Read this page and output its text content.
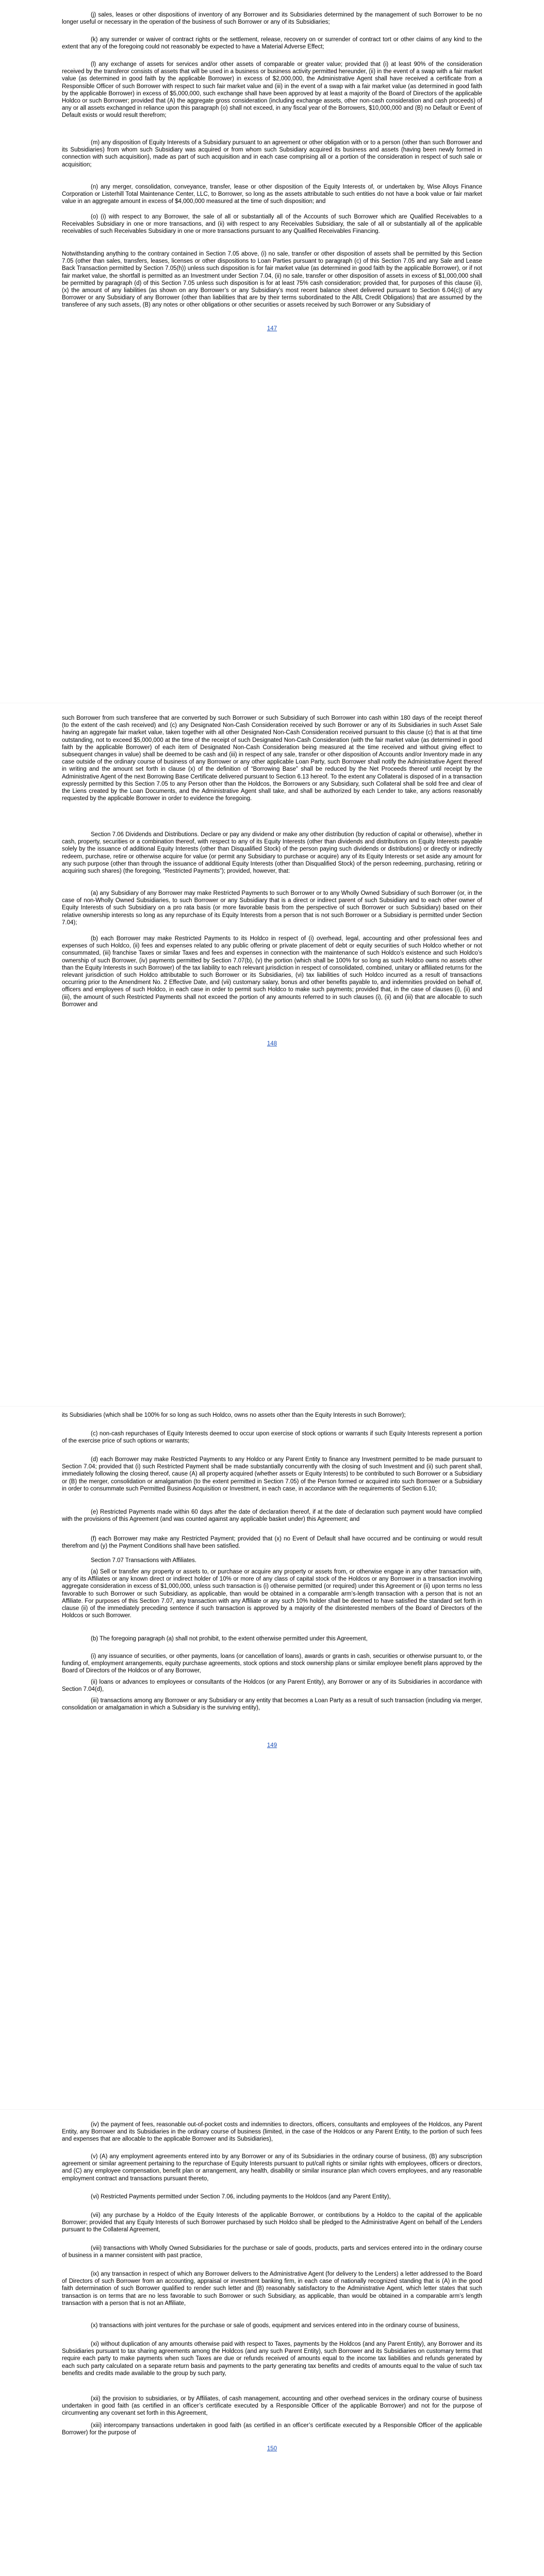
(j) sales, leases or other dispositions of inventory of any Borrower and its Subsidiaries determined by the management of such Borrower to be no longer useful or necessary in the operation of the business of such Borrower or any of its Subsidiaries;

(k) any surrender or waiver of contract rights or the settlement, release, recovery on or surrender of contract tort or other claims of any kind to the extent that any of the foregoing could not reasonably be expected to have a Material Adverse Effect;

(l) any exchange of assets for services and/or other assets of comparable or greater value; provided that (i) at least 90% of the consideration received by the transferor consists of assets that will be used in a business or business activity permitted hereunder, (ii) in the event of a swap with a fair market value (as determined in good faith by the applicable Borrower) in excess of $2,000,000, the Administrative Agent shall have received a certificate from a Responsible Officer of such Borrower with respect to such fair market value and (iii) in the event of a swap with a fair market value (as determined in good faith by the applicable Borrower) in excess of $5,000,000, such exchange shall have been approved by at least a majority of the Board of Directors of the applicable Holdco or such Borrower; provided that (A) the aggregate gross consideration (including exchange assets, other non-cash consideration and cash proceeds) of any or all assets exchanged in reliance upon this paragraph (o) shall not exceed, in any fiscal year of the Borrowers, $10,000,000 and (B) no Default or Event of Default exists or would result therefrom;

(m) any disposition of Equity Interests of a Subsidiary pursuant to an agreement or other obligation with or to a person (other than such Borrower and its Subsidiaries) from whom such Subsidiary was acquired or from whom such Subsidiary acquired its business and assets (having been newly formed in connection with such acquisition), made as part of such acquisition and in each case comprising all or a portion of the consideration in respect of such sale or acquisition;

(n) any merger, consolidation, conveyance, transfer, lease or other disposition of the Equity Interests of, or undertaken by, Wise Alloys Finance Corporation or Listerhill Total Maintenance Center, LLC, to Borrower, so long as the assets attributable to such entities do not have a book value or fair market value in an aggregate amount in excess of $4,000,000 measured at the time of such disposition; and

(o) (i) with respect to any Borrower, the sale of all or substantially all of the Accounts of such Borrower which are Qualified Receivables to a Receivables Subsidiary in one or more transactions, and (ii) with respect to any Receivables Subsidiary, the sale of all or substantially all of the applicable receivables of such Receivables Subsidiary in one or more transactions pursuant to any Qualified Receivables Financing.

Notwithstanding anything to the contrary contained in Section 7.05 above, (i) no sale, transfer or other disposition of assets shall be permitted by this Section 7.05 (other than sales, transfers, leases, licenses or other dispositions to Loan Parties pursuant to paragraph (c) of this Section 7.05 and any Sale and Lease Back Transaction permitted by Section 7.05(h)) unless such disposition is for fair market value (as determined in good faith by the applicable Borrower), or if not fair market value, the shortfall is permitted as an Investment under Section 7.04, (ii) no sale, transfer or other disposition of assets in excess of $1,000,000 shall be permitted by paragraph (d) of this Section 7.05 unless such disposition is for at least 75% cash consideration; provided that, for purposes of this clause (ii), (x) the amount of any liabilities (as shown on any Borrower’s or any Subsidiary’s most recent balance sheet delivered pursuant to Section 6.04(c)) of any Borrower or any Subsidiary of any Borrower (other than liabilities that are by their terms subordinated to the ABL Credit Obligations) that are assumed by the transferee of any such assets, (B) any notes or other obligations or other securities or assets received by such Borrower or any Subsidiary of

147

such Borrower from such transferee that are converted by such Borrower or such Subsidiary of such Borrower into cash within 180 days of the receipt thereof (to the extent of the cash received) and (c) any Designated Non-Cash Consideration received by such Borrower or any of its Subsidiaries in such Asset Sale having an aggregate fair market value, taken together with all other Designated Non-Cash Consideration received pursuant to this clause (c) that is at that time outstanding, not to exceed $5,000,000 at the time of the receipt of such Designated Non-Cash Consideration (with the fair market value (as determined in good faith by the applicable Borrower) of each item of Designated Non-Cash Consideration being measured at the time received and without giving effect to subsequent changes in value) shall be deemed to be cash and (iii) in respect of any sale, transfer or other disposition of Accounts and/or Inventory made in any case outside of the ordinary course of business of any Borrower or any other applicable Loan Party, such Borrower shall notify the Administrative Agent thereof in writing and the amount set forth in clause (x) of the definition of “Borrowing Base” shall be reduced by the Net Proceeds thereof until receipt by the Administrative Agent of the next Borrowing Base Certificate delivered pursuant to Section 6.13 hereof. To the extent any Collateral is disposed of in a transaction expressly permitted by this Section 7.05 to any Person other than the Holdcos, the Borrowers or any Subsidiary, such Collateral shall be sold free and clear of the Liens created by the Loan Documents, and the Administrative Agent shall take, and shall be authorized by each Lender to take, any actions reasonably requested by the applicable Borrower in order to evidence the foregoing.

Section 7.06 Dividends and Distributions. Declare or pay any dividend or make any other distribution (by reduction of capital or otherwise), whether in cash, property, securities or a combination thereof, with respect to any of its Equity Interests (other than dividends and distributions on Equity Interests payable solely by the issuance of additional Equity Interests (other than Disqualified Stock) of the person paying such dividends or distributions) or directly or indirectly redeem, purchase, retire or otherwise acquire for value (or permit any Subsidiary to purchase or acquire) any of its Equity Interests or set aside any amount for any such purpose (other than through the issuance of additional Equity Interests (other than Disqualified Stock) of the person redeeming, purchasing, retiring or acquiring such shares) (the foregoing, “Restricted Payments”); provided, however, that:

(a) any Subsidiary of any Borrower may make Restricted Payments to such Borrower or to any Wholly Owned Subsidiary of such Borrower (or, in the case of non-Wholly Owned Subsidiaries, to such Borrower or any Subsidiary that is a direct or indirect parent of such Subsidiary and to each other owner of Equity Interests of such Subsidiary on a pro rata basis (or more favorable basis from the perspective of such Borrower or such Subsidiary) based on their relative ownership interests so long as any repurchase of its Equity Interests from a person that is not such Borrower or a Subsidiary is permitted under Section 7.04);

(b) each Borrower may make Restricted Payments to its Holdco in respect of (i) overhead, legal, accounting and other professional fees and expenses of such Holdco, (ii) fees and expenses related to any public offering or private placement of debt or equity securities of such Holdco whether or not consummated, (iii) franchise Taxes or similar Taxes and fees and expenses in connection with the maintenance of such Holdco’s existence and such Holdco’s ownership of such Borrower, (iv) payments permitted by Section 7.07(b), (v) the portion (which shall be 100% for so long as such Holdco owns no assets other than the Equity Interests in such Borrower) of the tax liability to each relevant jurisdiction in respect of consolidated, combined, unitary or affiliated returns for the relevant jurisdiction of such Holdco attributable to such Borrower or its Subsidiaries, (vi) tax liabilities of such Holdco incurred as a result of transactions occurring prior to the Amendment No. 2 Effective Date, and (vii) customary salary, bonus and other benefits payable to, and indemnities provided on behalf of, officers and employees of such Holdco, in each case in order to permit such Holdco to make such payments; provided that, in the case of clauses (i), (ii) and (iii), the amount of such Restricted Payments shall not exceed the portion of any amounts referred to in such clauses (i), (ii) and (iii) that are allocable to such Borrower and

148

its Subsidiaries (which shall be 100% for so long as such Holdco, owns no assets other than the Equity Interests in such Borrower);

(c) non-cash repurchases of Equity Interests deemed to occur upon exercise of stock options or warrants if such Equity Interests represent a portion of the exercise price of such options or warrants;

(d) each Borrower may make Restricted Payments to any Holdco or any Parent Entity to finance any Investment permitted to be made pursuant to Section 7.04; provided that (i) such Restricted Payment shall be made substantially concurrently with the closing of such Investment and (ii) such parent shall, immediately following the closing thereof, cause (A) all property acquired (whether assets or Equity Interests) to be contributed to such Borrower or a Subsidiary or (B) the merger, consolidation or amalgamation (to the extent permitted in Section 7.05) of the Person formed or acquired into such Borrower or a Subsidiary in order to consummate such Permitted Business Acquisition or Investment, in each case, in accordance with the requirements of Section 6.10;

(e) Restricted Payments made within 60 days after the date of declaration thereof, if at the date of declaration such payment would have complied with the provisions of this Agreement (and was counted against any applicable basket under) this Agreement; and

(f) each Borrower may make any Restricted Payment; provided that (x) no Event of Default shall have occurred and be continuing or would result therefrom and (y) the Payment Conditions shall have been satisfied.

Section 7.07 Transactions with Affiliates.

(a) Sell or transfer any property or assets to, or purchase or acquire any property or assets from, or otherwise engage in any other transaction with, any of its Affiliates or any known direct or indirect holder of 10% or more of any class of capital stock of the Holdcos or any Borrower in a transaction involving aggregate consideration in excess of $1,000,000, unless such transaction is (i) otherwise permitted (or required) under this Agreement or (ii) upon terms no less favorable to such Borrower or such Subsidiary, as applicable, than would be obtained in a comparable arm’s-length transaction with a person that is not an Affiliate. For purposes of this Section 7.07, any transaction with any Affiliate or any such 10% holder shall be deemed to have satisfied the standard set forth in clause (ii) of the immediately preceding sentence if such transaction is approved by a majority of the disinterested members of the Board of Directors of the Holdcos or such Borrower.

(b) The foregoing paragraph (a) shall not prohibit, to the extent otherwise permitted under this Agreement,

(i) any issuance of securities, or other payments, loans (or cancellation of loans), awards or grants in cash, securities or otherwise pursuant to, or the funding of, employment arrangements, equity purchase agreements, stock options and stock ownership plans or similar employee benefit plans approved by the Board of Directors of the Holdcos or of any Borrower,

(ii) loans or advances to employees or consultants of the Holdcos (or any Parent Entity), any Borrower or any of its Subsidiaries in accordance with Section 7.04(d),

(iii) transactions among any Borrower or any Subsidiary or any entity that becomes a Loan Party as a result of such transaction (including via merger, consolidation or amalgamation in which a Subsidiary is the surviving entity),

149

(iv) the payment of fees, reasonable out-of-pocket costs and indemnities to directors, officers, consultants and employees of the Holdcos, any Parent Entity, any Borrower and its Subsidiaries in the ordinary course of business (limited, in the case of the Holdcos or any Parent Entity, to the portion of such fees and expenses that are allocable to the applicable Borrower and its Subsidiaries),

(v) (A) any employment agreements entered into by any Borrower or any of its Subsidiaries in the ordinary course of business, (B) any subscription agreement or similar agreement pertaining to the repurchase of Equity Interests pursuant to put/call rights or similar rights with employees, officers or directors, and (C) any employee compensation, benefit plan or arrangement, any health, disability or similar insurance plan which covers employees, and any reasonable employment contract and transactions pursuant thereto,

(vi) Restricted Payments permitted under Section 7.06, including payments to the Holdcos (and any Parent Entity),

(vii) any purchase by a Holdco of the Equity Interests of the applicable Borrower, or contributions by a Holdco to the capital of the applicable Borrower; provided that any Equity Interests of such Borrower purchased by such Holdco shall be pledged to the Administrative Agent on behalf of the Lenders pursuant to the Collateral Agreement,

(viii) transactions with Wholly Owned Subsidiaries for the purchase or sale of goods, products, parts and services entered into in the ordinary course of business in a manner consistent with past practice,

(ix) any transaction in respect of which any Borrower delivers to the Administrative Agent (for delivery to the Lenders) a letter addressed to the Board of Directors of such Borrower from an accounting, appraisal or investment banking firm, in each case of nationally recognized standing that is (A) in the good faith determination of such Borrower qualified to render such letter and (B) reasonably satisfactory to the Administrative Agent, which letter states that such transaction is on terms that are no less favorable to such Borrower or such Subsidiary, as applicable, than would be obtained in a comparable arm’s length transaction with a person that is not an Affiliate,

(x) transactions with joint ventures for the purchase or sale of goods, equipment and services entered into in the ordinary course of business,

(xi) without duplication of any amounts otherwise paid with respect to Taxes, payments by the Holdcos (and any Parent Entity), any Borrower and its Subsidiaries pursuant to tax sharing agreements among the Holdcos (and any such Parent Entity), such Borrower and its Subsidiaries on customary terms that require each party to make payments when such Taxes are due or refunds received of amounts equal to the income tax liabilities and refunds generated by each such party calculated on a separate return basis and payments to the party generating tax benefits and credits of amounts equal to the value of such tax benefits and credits made available to the group by such party,

(xii) the provision to subsidiaries, or by Affiliates, of cash management, accounting and other overhead services in the ordinary course of business undertaken in good faith (as certified in an officer’s certificate executed by a Responsible Officer of the applicable Borrower) and not for the purpose of circumventing any covenant set forth in this Agreement,

(xiii) intercompany transactions undertaken in good faith (as certified in an officer’s certificate executed by a Responsible Officer of the applicable Borrower) for the purpose of

150
